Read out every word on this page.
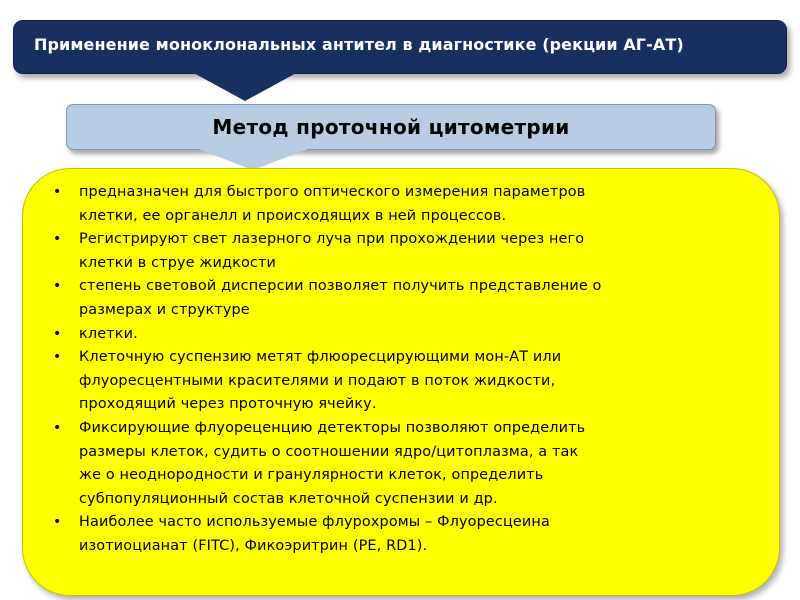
Применение моноклональных антител в диагностике (рекции АГ-АТ)
Метод проточной цитометрии
• предназначен для быстрого оптического измерения параметров
клетки, ее органелл и происходящих в ней процессов.
• Регистрируют свет лазерного луча при прохождении через него
клетки в струе жидкости
• степень световой дисперсии позволяет получить представление о
размерах и структуре
• клетки.
• Клеточную суспензию метят флюоресцирующими мон-АТ или
флуоресцентными красителями и подают в поток жидкости,
проходящий через проточную ячейку.
• Фиксирующие флуореценцию детекторы позволяют определить
размеры клеток, судить о соотношении ядро/цитоплазма, а так
же о неоднородности и гранулярности клеток, определить
субпопуляционный состав клеточной суспензии и др.
• Наиболее часто используемые флурохромы – Флуоресцеина
изотиоцианат (FITC), Фикоэритрин (PE, RD1).
